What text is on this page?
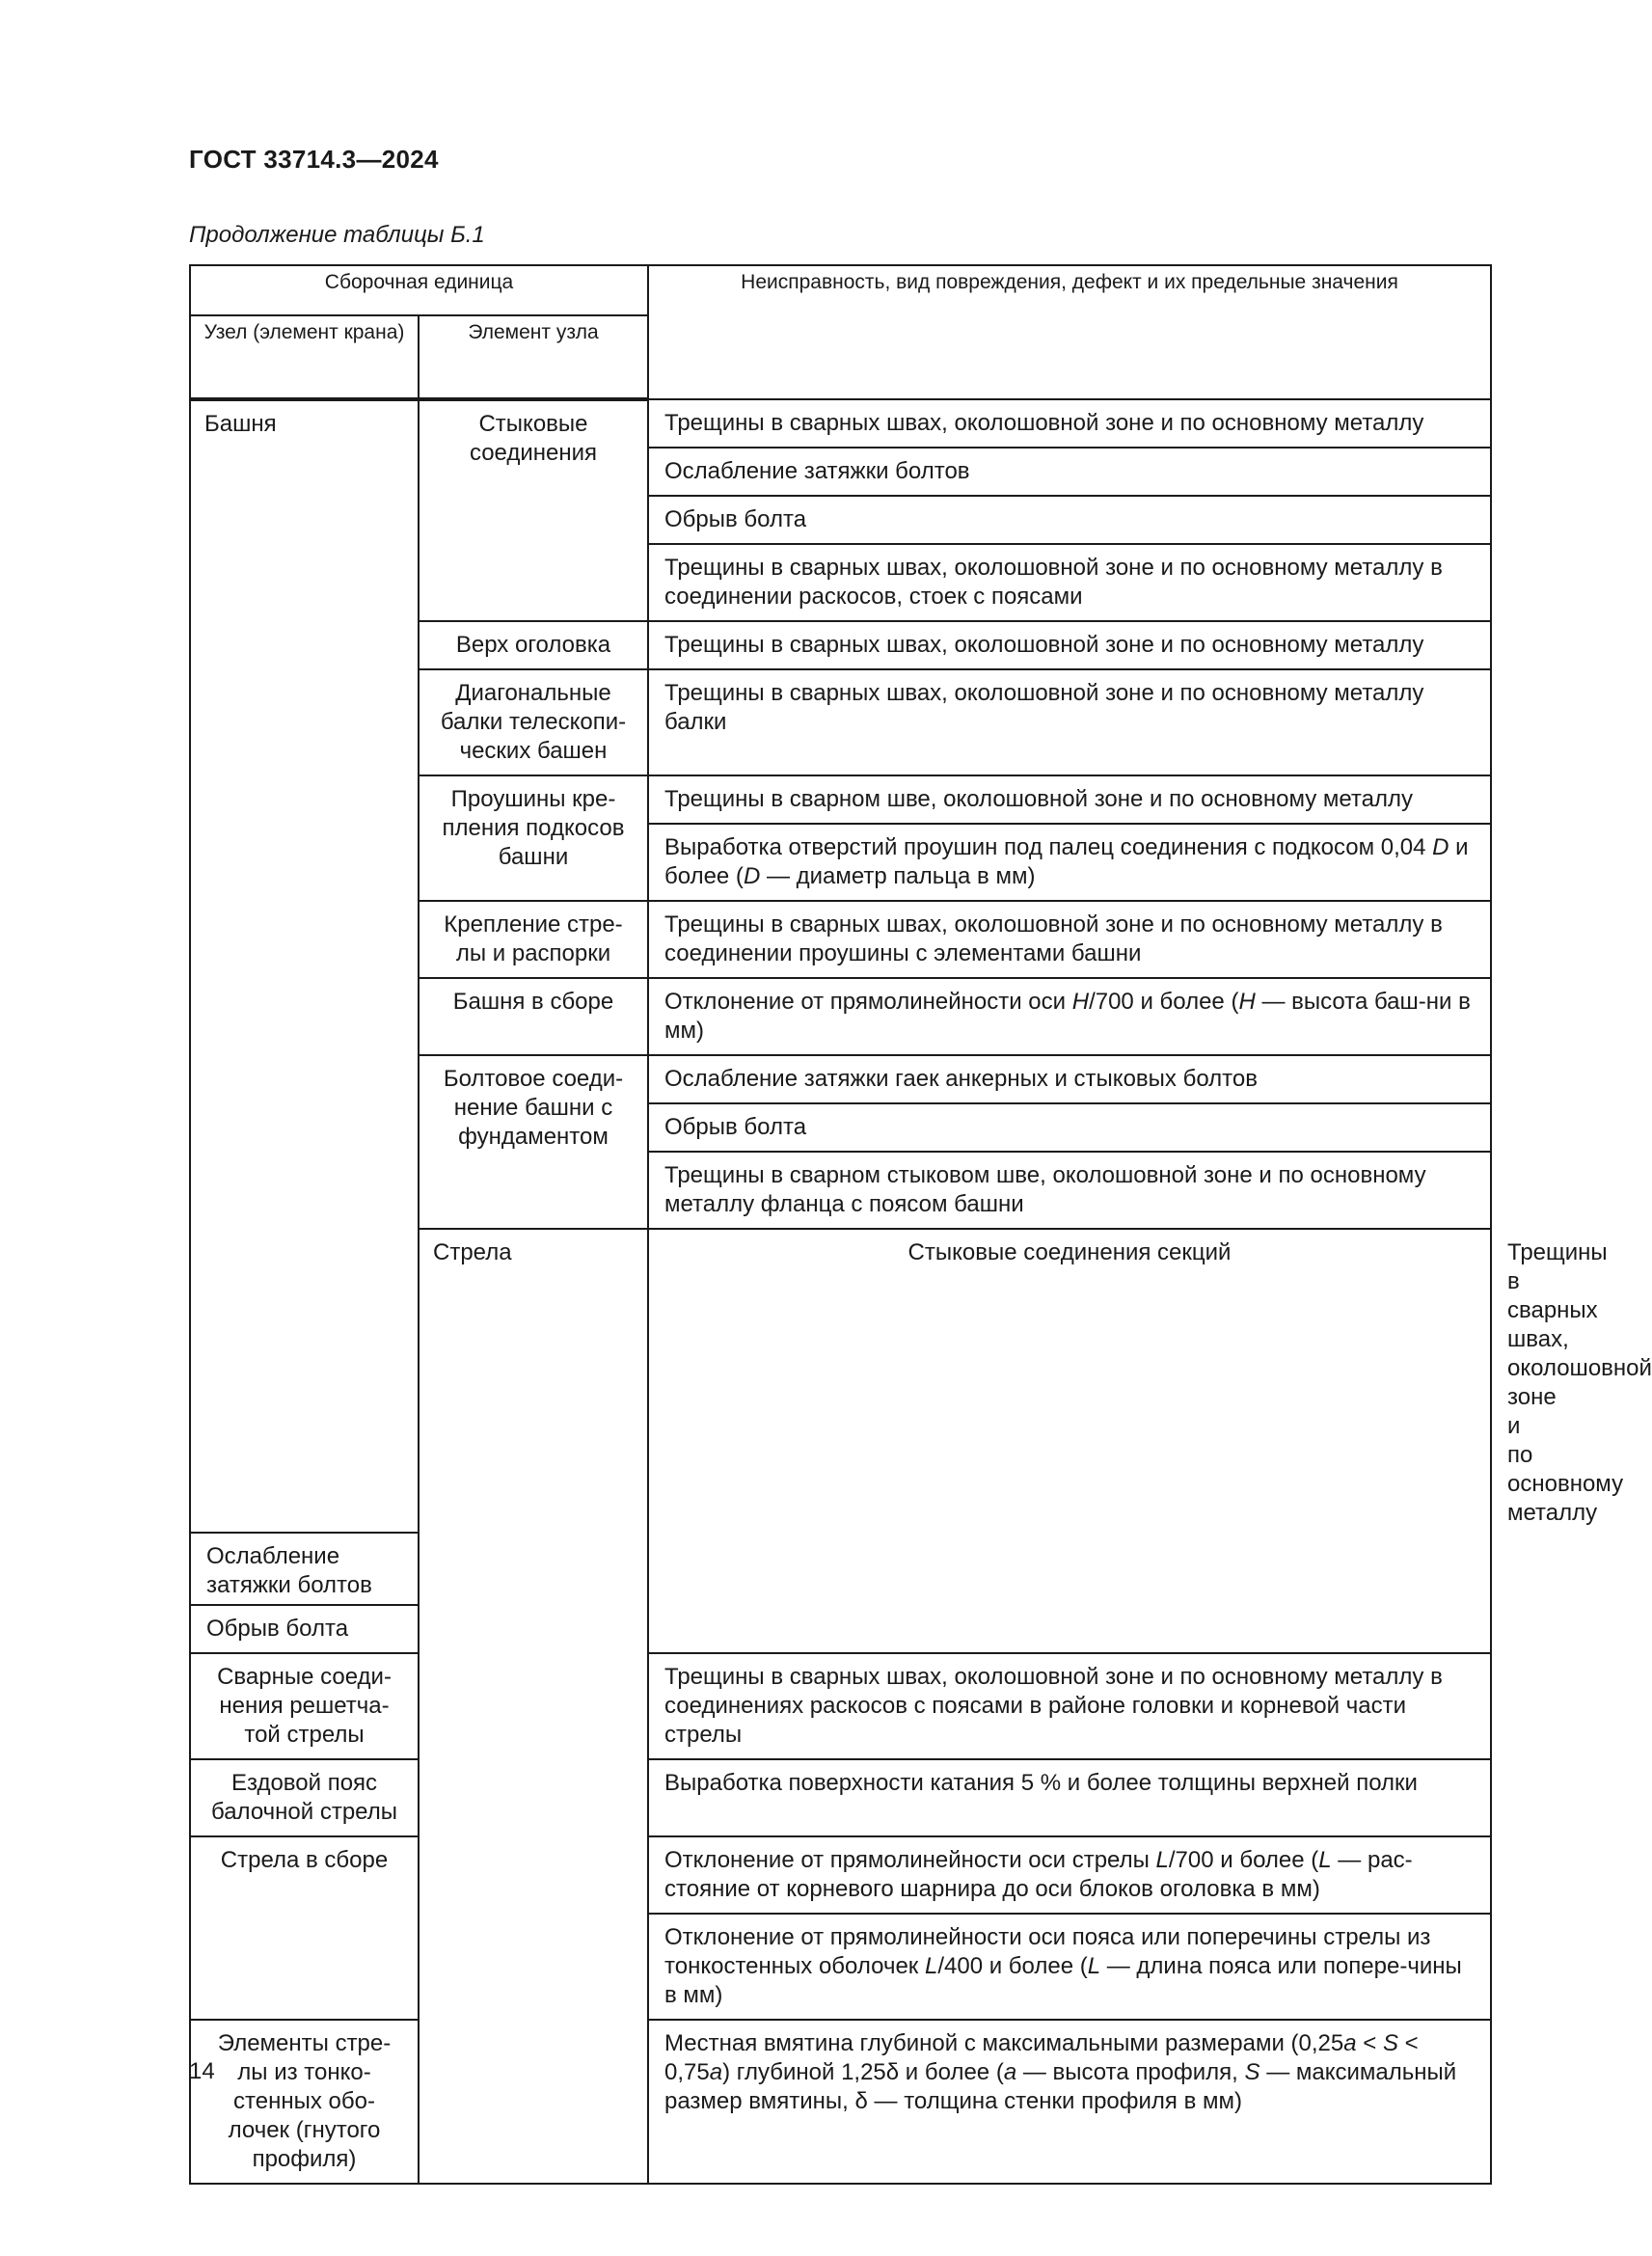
ГОСТ 33714.3—2024
Продолжение таблицы Б.1
Сборочная единица		Неисправность, вид повреждения, дефект и их предельные значения	
Узел (элемент крана)	Элемент узла		
Башня	Стыковые соединения	Трещины в сварных швах, околошовной зоне и по основному металлу	
		Ослабление затяжки болтов	
		Обрыв болта	
		Трещины в сварных швах, околошовной зоне и по основному металлу в соединении раскосов, стоек с поясами	
	Верх оголовка	Трещины в сварных швах, околошовной зоне и по основному металлу	
	Диагональные балки телескопи-ческих башен	Трещины в сварных швах, околошовной зоне и по основному металлу балки	
	Проушины кре-пления подкосов башни	Трещины в сварном шве, околошовной зоне и по основному металлу	
		Выработка отверстий проушин под палец соединения с подкосом 0,04 D и более (D — диаметр пальца в мм)	
	Крепление стре-лы и распорки	Трещины в сварных швах, околошовной зоне и по основному металлу в соединении проушины с элементами башни	
	Башня в сборе	Отклонение от прямолинейности оси H/700 и более (H — высота баш-ни в мм)	
	Болтовое соеди-нение башни с фундаментом	Ослабление затяжки гаек анкерных и стыковых болтов	
		Обрыв болта	
		Трещины в сварном стыковом шве, околошовной зоне и по основному металлу фланца с поясом башни	
	Стрела	Стыковые соединения секций	Трещины в сварных швах, околошовной зоне и по основному металлу
Ослабление затяжки болтов			
Обрыв болта			
Сварные соеди-нения решетча-той стрелы		Трещины в сварных швах, околошовной зоне и по основному металлу в соединениях раскосов с поясами в районе головки и корневой части стрелы	
Ездовой пояс балочной стрелы		Выработка поверхности катания 5 % и более толщины верхней полки	
Стрела в сборе		Отклонение от прямолинейности оси стрелы L/700 и более (L — рас-стояние от корневого шарнира до оси блоков оголовка в мм)	
		Отклонение от прямолинейности оси пояса или поперечины стрелы из тонкостенных оболочек L/400 и более (L — длина пояса или попере-чины в мм)	
Элементы стре-лы из тонко-стенных обо-лочек (гнутого профиля)		Местная вмятина глубиной с максимальными размерами (0,25a < S < 0,75a) глубиной 1,25δ и более (a — высота профиля, S — максимальный размер вмятины, δ — толщина стенки профиля в мм)	
14
